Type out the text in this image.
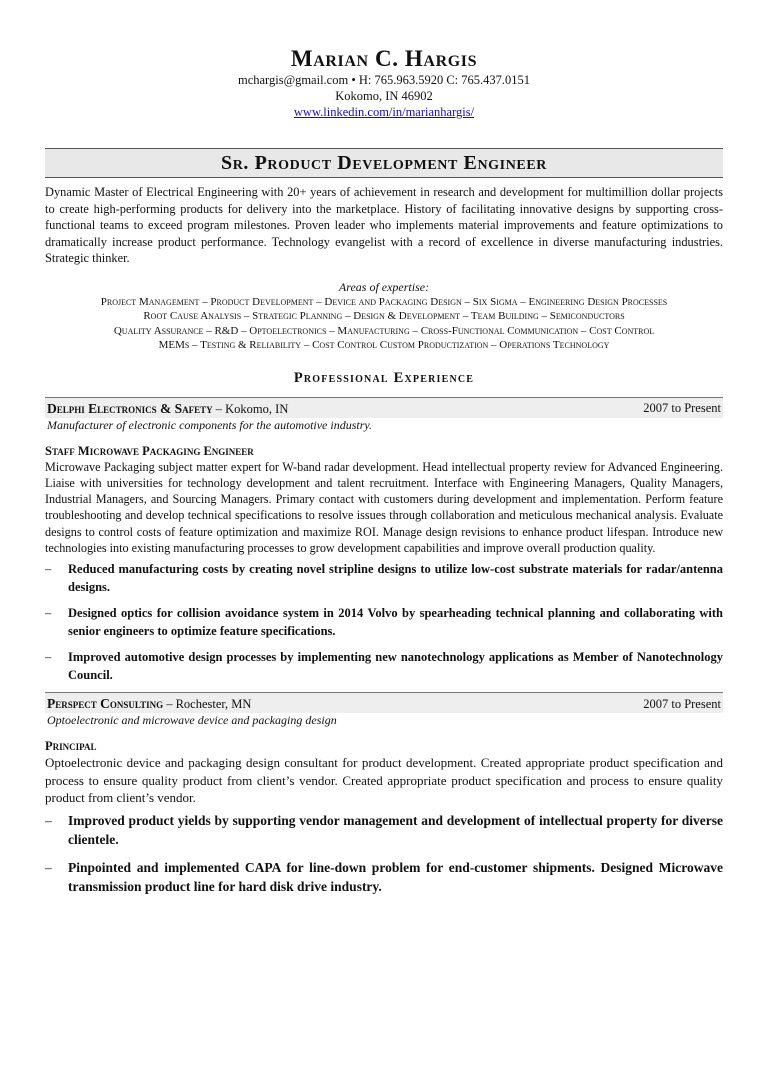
Marian C. Hargis
mchargis@gmail.com • H: 765.963.5920 C: 765.437.0151
Kokomo, IN 46902
www.linkedin.com/in/marianhargis/
Sr. Product Development Engineer
Dynamic Master of Electrical Engineering with 20+ years of achievement in research and development for multimillion dollar projects to create high-performing products for delivery into the marketplace. History of facilitating innovative designs by supporting cross-functional teams to exceed program milestones. Proven leader who implements material improvements and feature optimizations to dramatically increase product performance. Technology evangelist with a record of excellence in diverse manufacturing industries. Strategic thinker.
Areas of expertise:
Project Management – Product Development – Device and Packaging Design – Six Sigma – Engineering Design Processes
Root Cause Analysis – Strategic Planning – Design & Development – Team Building – Semiconductors
Quality Assurance – R&D – Optoelectronics – Manufacturing – Cross-Functional Communication – Cost Control
MEMs – Testing & Reliability – Cost Control Custom Productization – Operations Technology
Professional Experience
Delphi Electronics & Safety – Kokomo, IN	2007 to Present
Manufacturer of electronic components for the automotive industry.
Staff Microwave Packaging Engineer
Microwave Packaging subject matter expert for W-band radar development. Head intellectual property review for Advanced Engineering. Liaise with universities for technology development and talent recruitment. Interface with Engineering Managers, Quality Managers, Industrial Managers, and Sourcing Managers. Primary contact with customers during development and implementation. Perform feature troubleshooting and develop technical specifications to resolve issues through collaboration and meticulous mechanical analysis. Evaluate designs to control costs of feature optimization and maximize ROI. Manage design revisions to enhance product lifespan. Introduce new technologies into existing manufacturing processes to grow development capabilities and improve overall production quality.
– Reduced manufacturing costs by creating novel stripline designs to utilize low-cost substrate materials for radar/antenna designs.
– Designed optics for collision avoidance system in 2014 Volvo by spearheading technical planning and collaborating with senior engineers to optimize feature specifications.
– Improved automotive design processes by implementing new nanotechnology applications as Member of Nanotechnology Council.
Perspect Consulting – Rochester, MN	2007 to Present
Optoelectronic and microwave device and packaging design
Principal
Optoelectronic device and packaging design consultant for product development. Created appropriate product specification and process to ensure quality product from client’s vendor. Created appropriate product specification and process to ensure quality product from client’s vendor.
– Improved product yields by supporting vendor management and development of intellectual property for diverse clientele.
– Pinpointed and implemented CAPA for line-down problem for end-customer shipments. Designed Microwave transmission product line for hard disk drive industry.
